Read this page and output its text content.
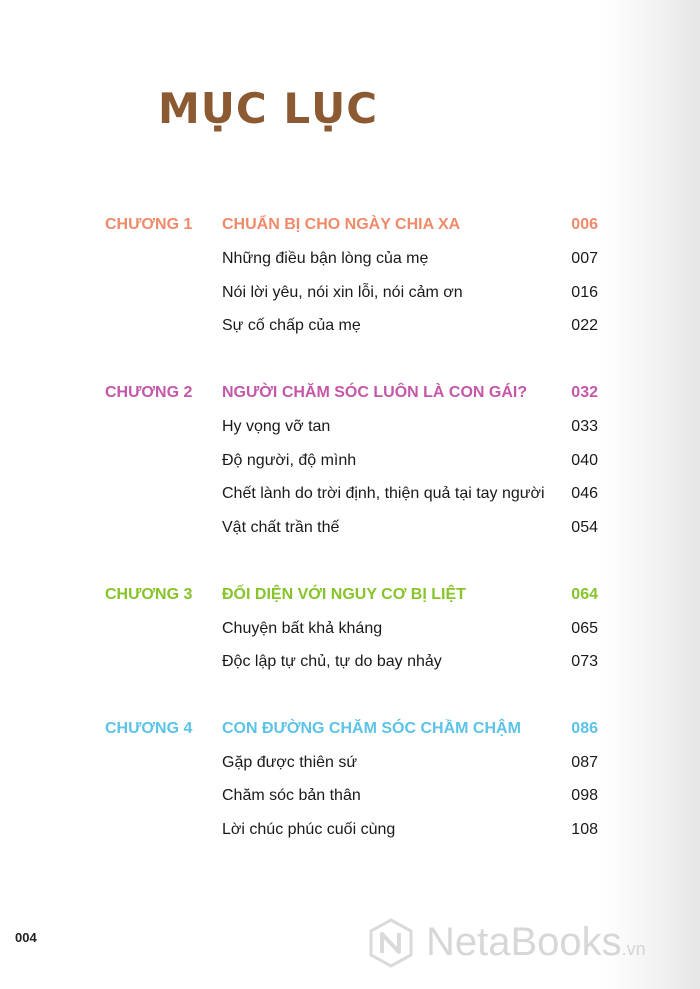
MỤC LỤC
CHƯƠNG 1 CHUẨN BỊ CHO NGÀY CHIA XA	006
Những điều bận lòng của mẹ	007
Nói lời yêu, nói xin lỗi, nói cảm ơn	016
Sự cố chấp của mẹ	022
CHƯƠNG 2 NGƯỜI CHĂM SÓC LUÔN LÀ CON GÁI?	032
Hy vọng vỡ tan	033
Độ người, độ mình	040
Chết lành do trời định, thiện quả tại tay người 046
Vật chất trần thế	054
CHƯƠNG 3 ĐỐI DIỆN VỚI NGUY CƠ BỊ LIỆT	064
Chuyện bất khả kháng	065
Độc lập tự chủ, tự do bay nhảy	073
CHƯƠNG 4 CON ĐƯỜNG CHĂM SÓC CHẦM CHẬM	086
Gặp được thiên sứ	087
Chăm sóc bản thân	098
Lời chúc phúc cuối cùng	108
004	NetaBooks.vn
